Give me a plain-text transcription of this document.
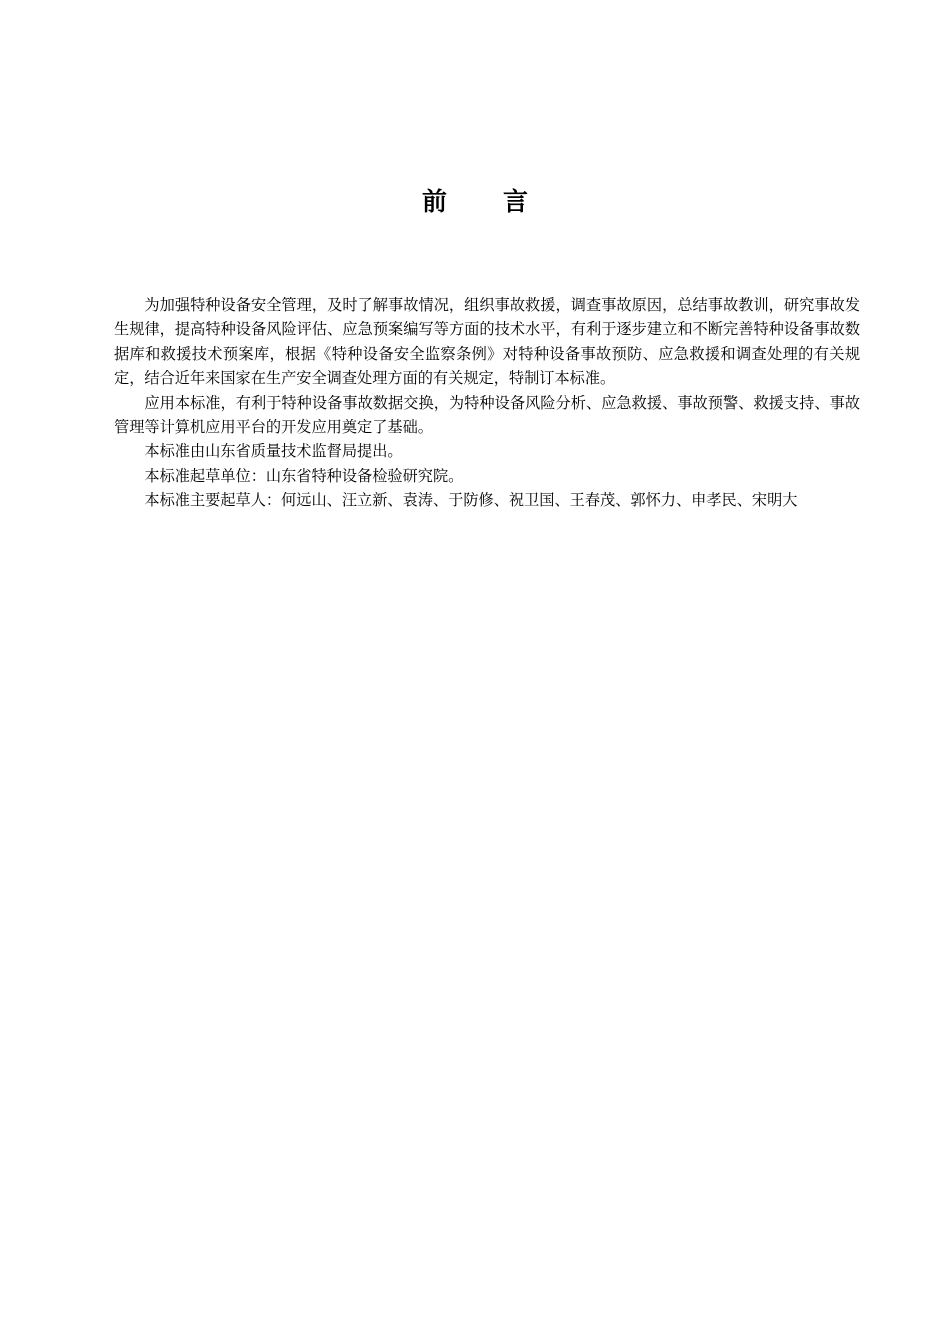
前言

为加强特种设备安全管理，及时了解事故情况，组织事故救援，调查事故原因，总结事故教训，研究事故发生规律，提高特种设备风险评估、应急预案编写等方面的技术水平，有利于逐步建立和不断完善特种设备事故数据库和救援技术预案库，根据《特种设备安全监察条例》对特种设备事故预防、应急救援和调查处理的有关规定，结合近年来国家在生产安全调查处理方面的有关规定，特制订本标准。

应用本标准，有利于特种设备事故数据交换，为特种设备风险分析、应急救援、事故预警、救援支持、事故管理等计算机应用平台的开发应用奠定了基础。

本标准由山东省质量技术监督局提出。

本标准起草单位：山东省特种设备检验研究院。

本标准主要起草人：何远山、汪立新、袁涛、于防修、祝卫国、王春茂、郭怀力、申孝民、宋明大
